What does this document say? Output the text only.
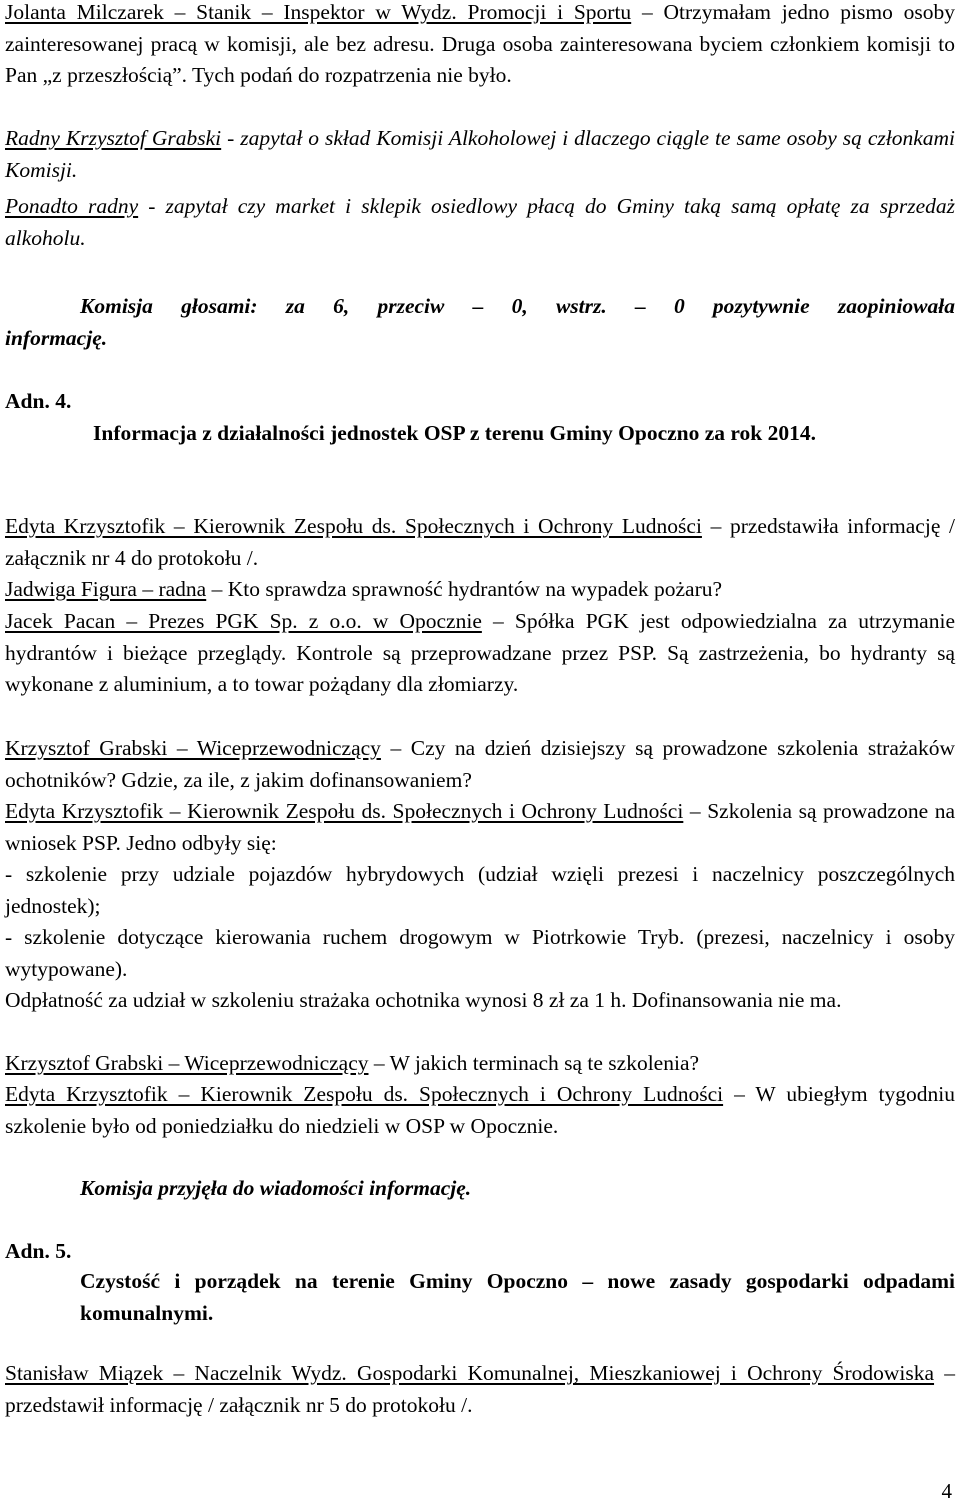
Jolanta Milczarek – Stanik – Inspektor w Wydz. Promocji i Sportu – Otrzymałam jedno pismo osoby zainteresowanej pracą w komisji, ale bez adresu. Druga osoba zainteresowana byciem członkiem komisji to Pan „z przeszłością”. Tych podań do rozpatrzenia nie było.

Radny Krzysztof Grabski - zapytał o skład Komisji Alkoholowej i dlaczego ciągle te same osoby są członkami Komisji.

Ponadto radny - zapytał czy market i sklepik osiedlowy płacą do Gminy taką samą opłatę za sprzedaż alkoholu.

Komisja głosami: za 6, przeciw – 0, wstrz. – 0 pozytywnie zaopiniowała

informację.

Adn. 4.

Informacja z działalności jednostek OSP z terenu Gminy Opoczno za rok 2014.

Edyta Krzysztofik – Kierownik Zespołu ds. Społecznych i Ochrony Ludności – przedstawiła informację / załącznik nr 4 do protokołu /.

Jadwiga Figura – radna – Kto sprawdza sprawność hydrantów na wypadek pożaru?

Jacek Pacan – Prezes PGK Sp. z o.o. w Opocznie – Spółka PGK jest odpowiedzialna za utrzymanie hydrantów i bieżące przeglądy. Kontrole są przeprowadzane przez PSP. Są zastrzeżenia, bo hydranty są wykonane z aluminium, a to towar pożądany dla złomiarzy.

Krzysztof Grabski – Wiceprzewodniczący – Czy na dzień dzisiejszy są prowadzone szkolenia strażaków ochotników? Gdzie, za ile, z jakim dofinansowaniem?

Edyta Krzysztofik – Kierownik Zespołu ds. Społecznych i Ochrony Ludności – Szkolenia są prowadzone na wniosek PSP. Jedno odbyły się:

- szkolenie przy udziale pojazdów hybrydowych (udział wzięli prezesi i naczelnicy poszczególnych jednostek);

- szkolenie dotyczące kierowania ruchem drogowym w Piotrkowie Tryb. (prezesi, naczelnicy i osoby wytypowane).

Odpłatność za udział w szkoleniu strażaka ochotnika wynosi 8 zł za 1 h. Dofinansowania nie ma.

Krzysztof Grabski – Wiceprzewodniczący – W jakich terminach są te szkolenia?

Edyta Krzysztofik – Kierownik Zespołu ds. Społecznych i Ochrony Ludności – W ubiegłym tygodniu szkolenie było od poniedziałku do niedzieli w OSP w Opocznie.

Komisja przyjęła do wiadomości informację.

Adn. 5.

Czystość i porządek na terenie Gminy Opoczno – nowe zasady gospodarki odpadami komunalnymi.

Stanisław Miązek – Naczelnik Wydz. Gospodarki Komunalnej, Mieszkaniowej i Ochrony Środowiska – przedstawił informację / załącznik nr 5 do protokołu /.

4
